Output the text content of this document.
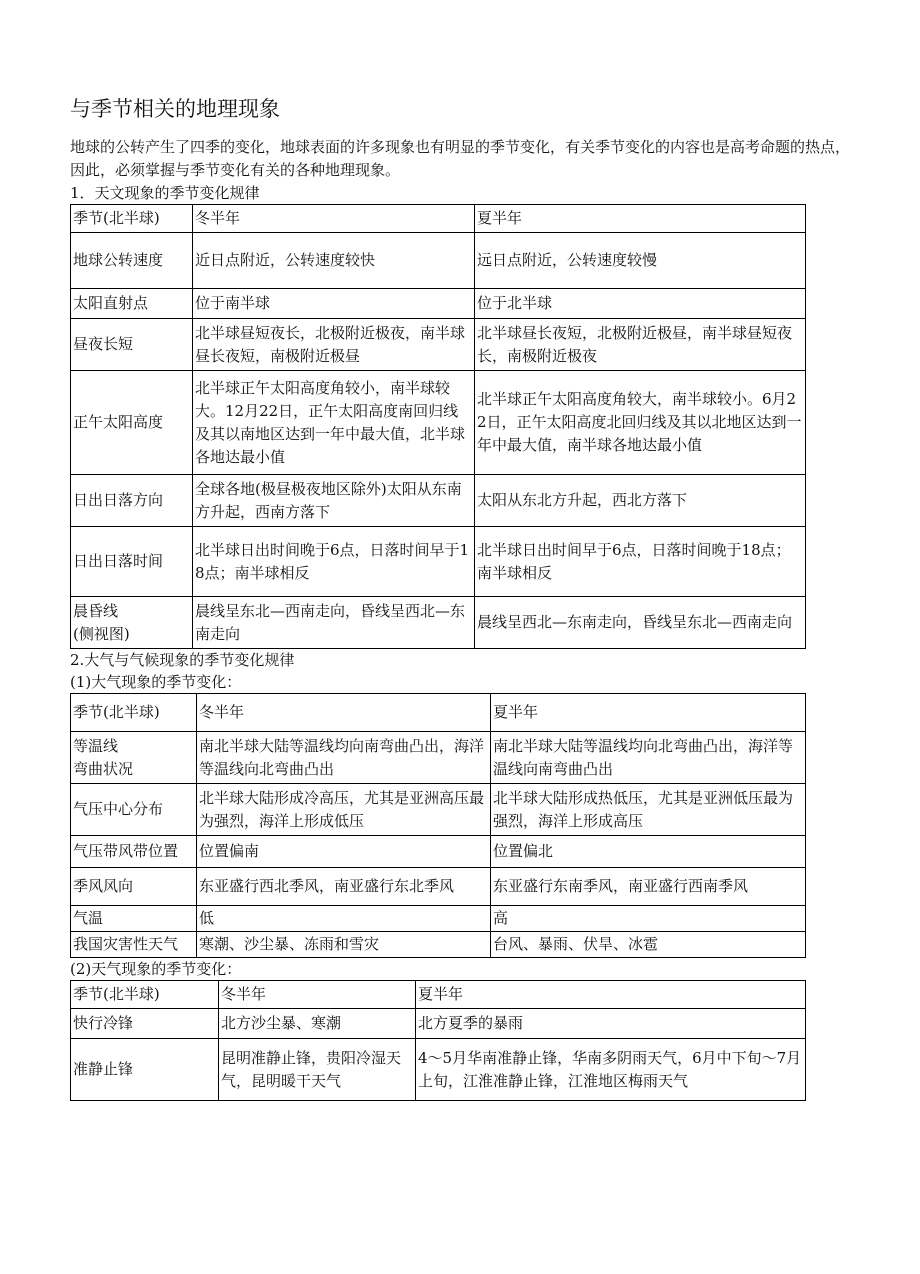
与季节相关的地理现象

地球的公转产生了四季的变化，地球表面的许多现象也有明显的季节变化，有关季节变化的内容也是高考命题的热点，因此，必须掌握与季节变化有关的各种地理现象。

1．天文现象的季节变化规律

季节(北半球)	冬半年	夏半年
地球公转速度	近日点附近，公转速度较快	远日点附近，公转速度较慢
太阳直射点	位于南半球	位于北半球
昼夜长短	北半球昼短夜长，北极附近极夜，南半球昼长夜短，南极附近极昼	北半球昼长夜短，北极附近极昼，南半球昼短夜长，南极附近极夜
正午太阳高度	北半球正午太阳高度角较小，南半球较大。12月22日，正午太阳高度南回归线及其以南地区达到一年中最大值，北半球各地达最小值	北半球正午太阳高度角较大，南半球较小。6月22日，正午太阳高度北回归线及其以北地区达到一年中最大值，南半球各地达最小值
日出日落方向	全球各地(极昼极夜地区除外)太阳从东南方升起，西南方落下	太阳从东北方升起，西北方落下
日出日落时间	北半球日出时间晚于6点，日落时间早于18点；南半球相反	北半球日出时间早于6点，日落时间晚于18点；南半球相反
晨昏线
(侧视图)	晨线呈东北—西南走向，昏线呈西北—东南走向	晨线呈西北—东南走向，昏线呈东北—西南走向

2.大气与气候现象的季节变化规律

(1)大气现象的季节变化：

季节(北半球)	冬半年	夏半年
等温线
弯曲状况	南北半球大陆等温线均向南弯曲凸出，海洋等温线向北弯曲凸出	南北半球大陆等温线均向北弯曲凸出，海洋等温线向南弯曲凸出
气压中心分布	北半球大陆形成冷高压，尤其是亚洲高压最为强烈，海洋上形成低压	北半球大陆形成热低压，尤其是亚洲低压最为强烈，海洋上形成高压
气压带风带位置	位置偏南	位置偏北
季风风向	东亚盛行西北季风，南亚盛行东北季风	东亚盛行东南季风，南亚盛行西南季风
气温	低	高
我国灾害性天气	寒潮、沙尘暴、冻雨和雪灾	台风、暴雨、伏旱、冰雹

(2)天气现象的季节变化：

季节(北半球)	冬半年	夏半年
快行冷锋	北方沙尘暴、寒潮	北方夏季的暴雨
准静止锋	昆明准静止锋，贵阳冷湿天气，昆明暖干天气	4～5月华南准静止锋，华南多阴雨天气，6月中下旬～7月上旬，江淮准静止锋，江淮地区梅雨天气
